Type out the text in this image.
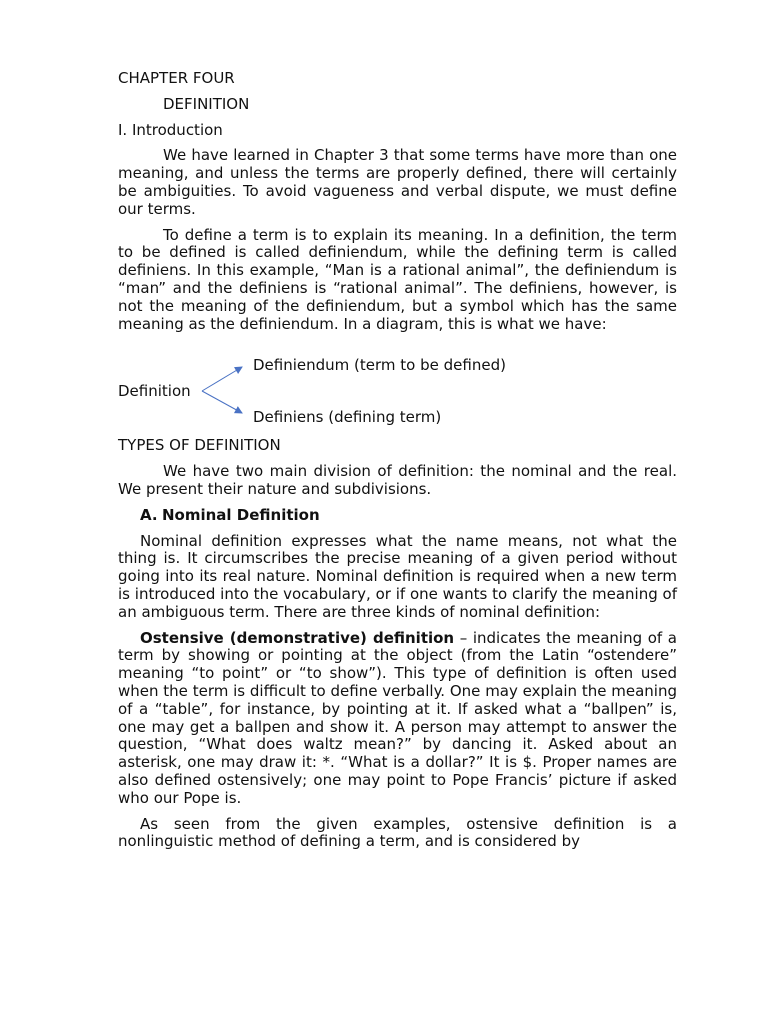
CHAPTER FOUR
DEFINITION
I. Introduction

We have learned in Chapter 3 that some terms have more than one meaning, and unless the terms are properly defined, there will certainly be ambiguities. To avoid vagueness and verbal dispute, we must define our terms.

To define a term is to explain its meaning. In a definition, the term to be defined is called definiendum, while the defining term is called definiens. In this example, “Man is a rational animal”, the definiendum is “man” and the definiens is “rational animal”. The definiens, however, is not the meaning of the definiendum, but a symbol which has the same meaning as the definiendum. In a diagram, this is what we have:

Definition
Definiendum (term to be defined)
Definiens (defining term)
TYPES OF DEFINITION

We have two main division of definition: the nominal and the real. We present their nature and subdivisions.

A. Nominal Definition

Nominal definition expresses what the name means, not what the thing is. It circumscribes the precise meaning of a given period without going into its real nature. Nominal definition is required when a new term is introduced into the vocabulary, or if one wants to clarify the meaning of an ambiguous term. There are three kinds of nominal definition:

Ostensive (demonstrative) definition – indicates the meaning of a term by showing or pointing at the object (from the Latin “ostendere” meaning “to point” or “to show”). This type of definition is often used when the term is difficult to define verbally. One may explain the meaning of a “table”, for instance, by pointing at it. If asked what a “ballpen” is, one may get a ballpen and show it. A person may attempt to answer the question, “What does waltz mean?” by dancing it. Asked about an asterisk, one may draw it: *. “What is a dollar?” It is $. Proper names are also defined ostensively; one may point to Pope Francis’ picture if asked who our Pope is.

As seen from the given examples, ostensive definition is a nonlinguistic method of defining a term, and is considered by
